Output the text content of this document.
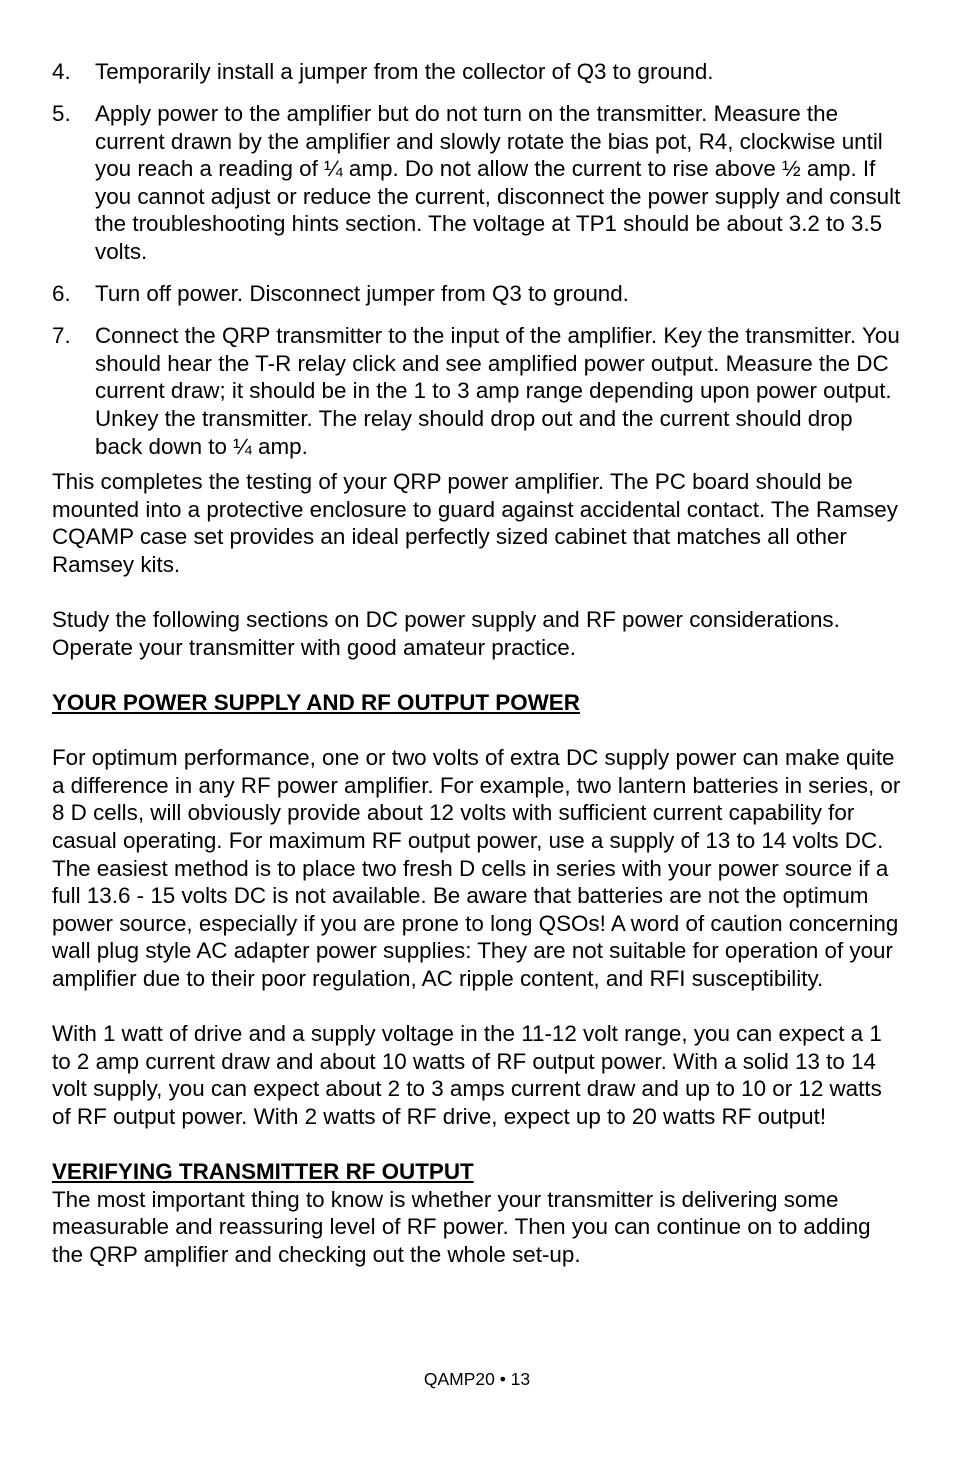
4.	Temporarily install a jumper from the collector of Q3 to ground.
5.	Apply power to the amplifier but do not turn on the transmitter. Measure the current drawn by the amplifier and slowly rotate the bias pot, R4, clockwise until you reach a reading of ¼ amp. Do not allow the current to rise above ½ amp. If you cannot adjust or reduce the current, disconnect the power supply and consult the troubleshooting hints section. The voltage at TP1 should be about 3.2 to 3.5 volts.
6.	Turn off power. Disconnect jumper from Q3 to ground.
7.	Connect the QRP transmitter to the input of the amplifier. Key the transmitter. You should hear the T-R relay click and see amplified power output. Measure the DC current draw; it should be in the 1 to 3 amp range depending upon power output. Unkey the transmitter. The relay should drop out and the current should drop back down to ¼ amp.

This completes the testing of your QRP power amplifier. The PC board should be mounted into a protective enclosure to guard against accidental contact. The Ramsey CQAMP case set provides an ideal perfectly sized cabinet that matches all other Ramsey kits.

Study the following sections on DC power supply and RF power considerations. Operate your transmitter with good amateur practice.

YOUR POWER SUPPLY AND RF OUTPUT POWER

For optimum performance, one or two volts of extra DC supply power can make quite a difference in any RF power amplifier. For example, two lantern batteries in series, or 8 D cells, will obviously provide about 12 volts with sufficient current capability for casual operating. For maximum RF output power, use a supply of 13 to 14 volts DC. The easiest method is to place two fresh D cells in series with your power source if a full 13.6 - 15 volts DC is not available. Be aware that batteries are not the optimum power source, especially if you are prone to long QSOs! A word of caution concerning wall plug style AC adapter power supplies: They are not suitable for operation of your amplifier due to their poor regulation, AC ripple content, and RFI susceptibility.

With 1 watt of drive and a supply voltage in the 11-12 volt range, you can expect a 1 to 2 amp current draw and about 10 watts of RF output power. With a solid 13 to 14 volt supply, you can expect about 2 to 3 amps current draw and up to 10 or 12 watts of RF output power. With 2 watts of RF drive, expect up to 20 watts RF output!

VERIFYING TRANSMITTER RF OUTPUT

The most important thing to know is whether your transmitter is delivering some measurable and reassuring level of RF power. Then you can continue on to adding the QRP amplifier and checking out the whole set-up.

QAMP20 • 13
